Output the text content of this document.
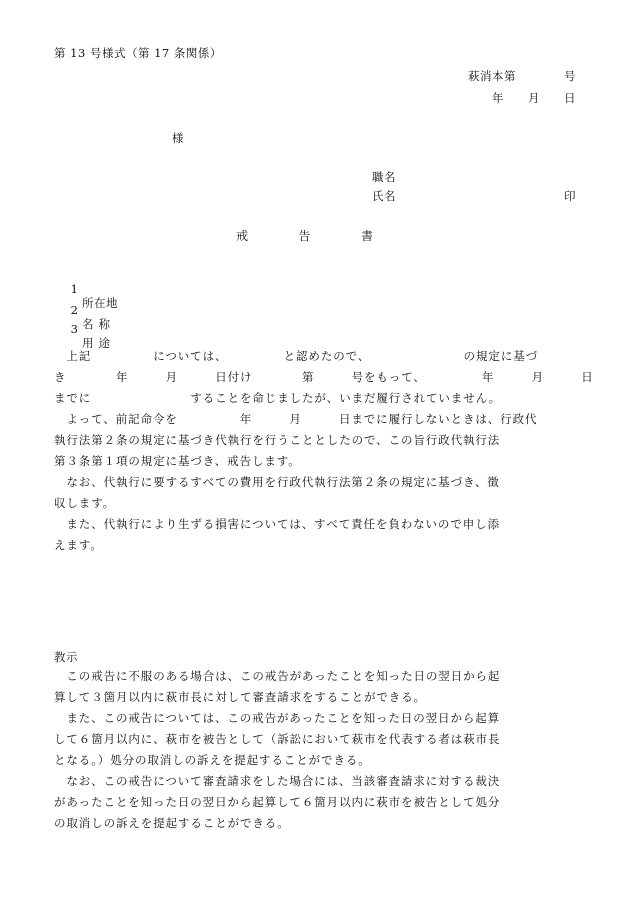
第 13 号様式（第 17 条関係）
萩消本第　　　　号
年　　月　　日
様
職名
氏名	印
戒　　　　告　　　　書

1

所在地

2

名称

3

用途

　上記　　　　　については、　　　　　と認めたので、　　　　　　　　の規定に基づ
き　　　　年　　　月　　　日付け　　　　第　　　号をもって、　　　　　年　　　月　　　日
までに　　　　　　　　することを命じましたが、いまだ履行されていません。
　よって、前記命令を　　　　　年　　　月　　　日までに履行しないときは、行政代
執行法第２条の規定に基づき代執行を行うこととしたので、この旨行政代執行法
第３条第１項の規定に基づき、戒告します。
　なお、代執行に要するすべての費用を行政代執行法第２条の規定に基づき、徴
収します。
　また、代執行により生ずる損害については、すべて責任を負わないので申し添
えます。
教示
　この戒告に不服のある場合は、この戒告があったことを知った日の翌日から起
算して３箇月以内に萩市長に対して審査請求をすることができる。
　また、この戒告については、この戒告があったことを知った日の翌日から起算
して６箇月以内に、萩市を被告として（訴訟において萩市を代表する者は萩市長
となる。）処分の取消しの訴えを提起することができる。
　なお、この戒告について審査請求をした場合には、当該審査請求に対する裁決
があったことを知った日の翌日から起算して６箇月以内に萩市を被告として処分
の取消しの訴えを提起することができる。
